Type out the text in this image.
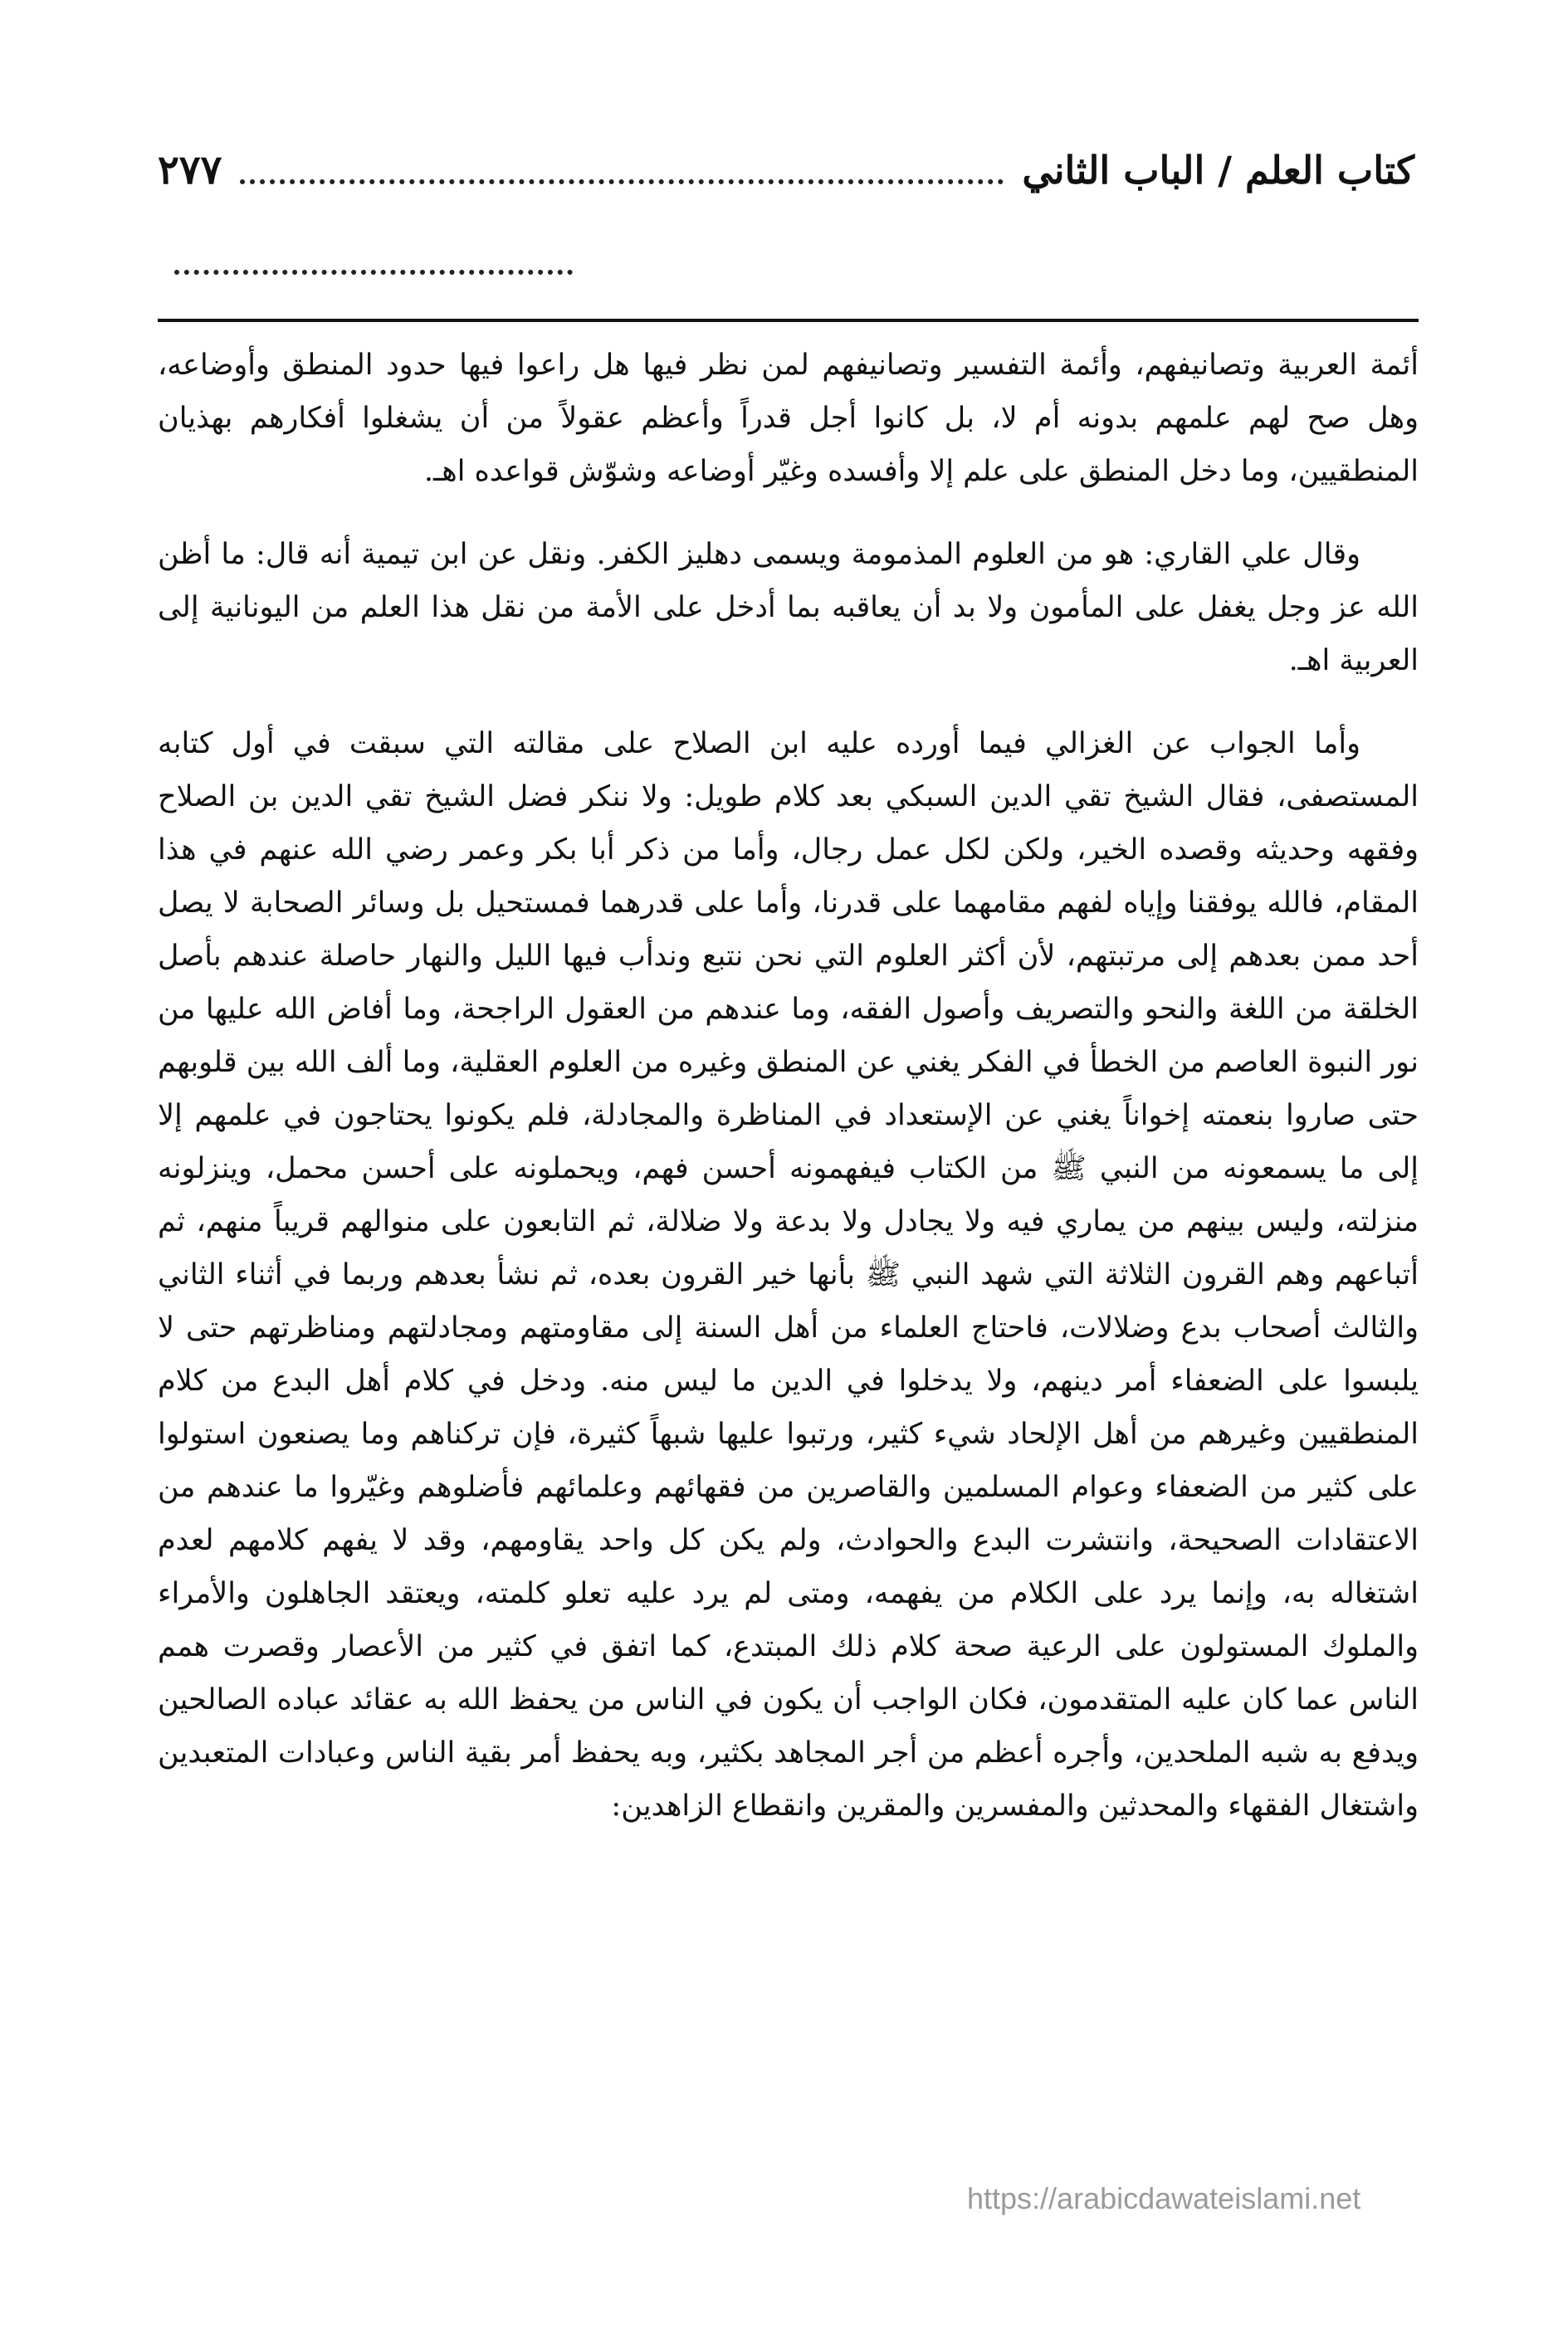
كتاب العلم / الباب الثاني
٢٧٧

أئمة العربية وتصانيفهم، وأئمة التفسير وتصانيفهم لمن نظر فيها هل راعوا فيها حدود المنطق وأوضاعه، وهل صح لهم علمهم بدونه أم لا، بل كانوا أجل قدراً وأعظم عقولاً من أن يشغلوا أفكارهم بهذيان المنطقيين، وما دخل المنطق على علم إلا وأفسده وغيّر أوضاعه وشوّش قواعده اهـ.

وقال علي القاري: هو من العلوم المذمومة ويسمى دهليز الكفر. ونقل عن ابن تيمية أنه قال: ما أظن الله عز وجل يغفل على المأمون ولا بد أن يعاقبه بما أدخل على الأمة من نقل هذا العلم من اليونانية إلى العربية اهـ.

وأما الجواب عن الغزالي فيما أورده عليه ابن الصلاح على مقالته التي سبقت في أول كتابه المستصفى، فقال الشيخ تقي الدين السبكي بعد كلام طويل: ولا ننكر فضل الشيخ تقي الدين بن الصلاح وفقهه وحديثه وقصده الخير، ولكن لكل عمل رجال، وأما من ذكر أبا بكر وعمر رضي الله عنهم في هذا المقام، فالله يوفقنا وإياه لفهم مقامهما على قدرنا، وأما على قدرهما فمستحيل بل وسائر الصحابة لا يصل أحد ممن بعدهم إلى مرتبتهم، لأن أكثر العلوم التي نحن نتبع وندأب فيها الليل والنهار حاصلة عندهم بأصل الخلقة من اللغة والنحو والتصريف وأصول الفقه، وما عندهم من العقول الراجحة، وما أفاض الله عليها من نور النبوة العاصم من الخطأ في الفكر يغني عن المنطق وغيره من العلوم العقلية، وما ألف الله بين قلوبهم حتى صاروا بنعمته إخواناً يغني عن الإستعداد في المناظرة والمجادلة، فلم يكونوا يحتاجون في علمهم إلا إلى ما يسمعونه من النبي ﷺ من الكتاب فيفهمونه أحسن فهم، ويحملونه على أحسن محمل، وينزلونه منزلته، وليس بينهم من يماري فيه ولا يجادل ولا بدعة ولا ضلالة، ثم التابعون على منوالهم قريباً منهم، ثم أتباعهم وهم القرون الثلاثة التي شهد النبي ﷺ بأنها خير القرون بعده، ثم نشأ بعدهم وربما في أثناء الثاني والثالث أصحاب بدع وضلالات، فاحتاج العلماء من أهل السنة إلى مقاومتهم ومجادلتهم ومناظرتهم حتى لا يلبسوا على الضعفاء أمر دينهم، ولا يدخلوا في الدين ما ليس منه. ودخل في كلام أهل البدع من كلام المنطقيين وغيرهم من أهل الإلحاد شيء كثير، ورتبوا عليها شبهاً كثيرة، فإن تركناهم وما يصنعون استولوا على كثير من الضعفاء وعوام المسلمين والقاصرين من فقهائهم وعلمائهم فأضلوهم وغيّروا ما عندهم من الاعتقادات الصحيحة، وانتشرت البدع والحوادث، ولم يكن كل واحد يقاومهم، وقد لا يفهم كلامهم لعدم اشتغاله به، وإنما يرد على الكلام من يفهمه، ومتى لم يرد عليه تعلو كلمته، ويعتقد الجاهلون والأمراء والملوك المستولون على الرعية صحة كلام ذلك المبتدع، كما اتفق في كثير من الأعصار وقصرت همم الناس عما كان عليه المتقدمون، فكان الواجب أن يكون في الناس من يحفظ الله به عقائد عباده الصالحين ويدفع به شبه الملحدين، وأجره أعظم من أجر المجاهد بكثير، وبه يحفظ أمر بقية الناس وعبادات المتعبدين واشتغال الفقهاء والمحدثين والمفسرين والمقرين وانقطاع الزاهدين:

https://arabicdawateislami.net
